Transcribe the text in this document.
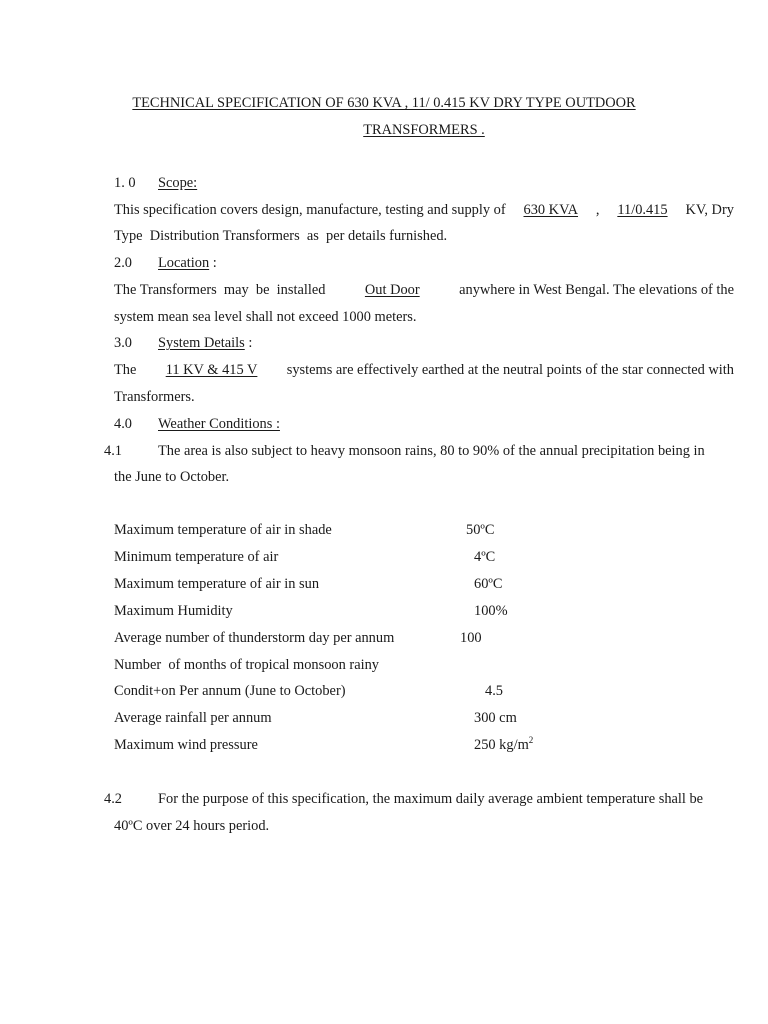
TECHNICAL SPECIFICATION OF 630 KVA , 11/ 0.415 KV DRY TYPE OUTDOOR
TRANSFORMERS .
1. 0 Scope:
This specification covers design, manufacture, testing and supply of 630 KVA , 11/0.415 KV, Dry
Type  Distribution Transformers  as  per details furnished.
2.0 Location :
The Transformers  may  be  installed	Out Door	anywhere in West Bengal. The elevations of the
system mean sea level shall not exceed 1000 meters.
3.0 System Details :
The 11 KV & 415 V systems are effectively earthed at the neutral points of the star connected with
Transformers.
4.0 Weather Conditions :
4.1	The area is also subject to heavy monsoon rains, 80 to 90% of the annual precipitation being in
the June to October.
Maximum temperature of air in shade	50ºC
Minimum temperature of air	4ºC
Maximum temperature of air in sun	60ºC
Maximum Humidity	100%
Average number of thunderstorm day per annum	100
Number  of months of tropical monsoon rainy
Condit+on Per annum (June to October)	4.5
Average rainfall per annum	300 cm
Maximum wind pressure	250 $kg/m^2$
4.2	For the purpose of this specification, the maximum daily average ambient temperature shall be
40ºC over 24 hours period.
